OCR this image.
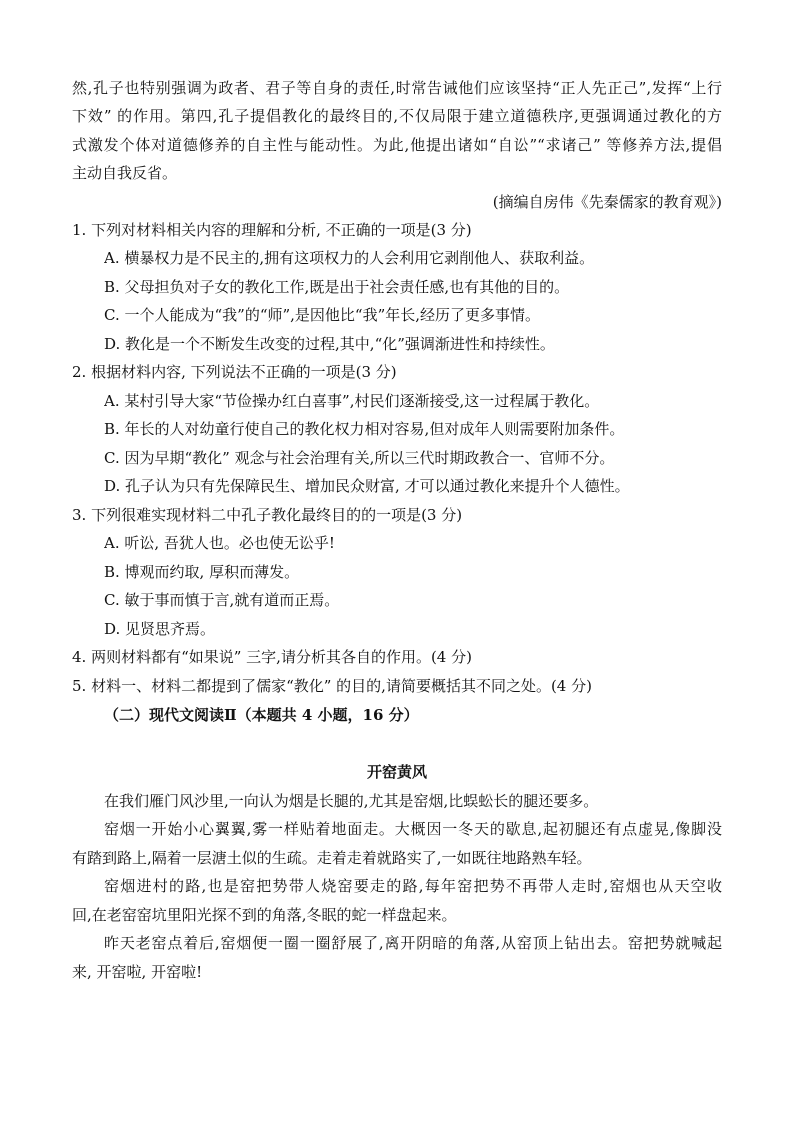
然,孔子也特别强调为政者、君子等自身的责任,时常告诫他们应该坚持“正人先正己”,发挥“上行
下效” 的作用。第四,孔子提倡教化的最终目的,不仅局限于建立道德秩序,更强调通过教化的方
式激发个体对道德修养的自主性与能动性。为此,他提出诸如“自讼”“求诸己” 等修养方法,提倡
主动自我反省。
(摘编自房伟《先秦儒家的教育观》)
1. 下列对材料相关内容的理解和分析, 不正确的一项是(3 分)
A. 横暴权力是不民主的,拥有这项权力的人会利用它剥削他人、获取利益。
B. 父母担负对子女的教化工作,既是出于社会责任感,也有其他的目的。
C. 一个人能成为“我”的“师”,是因他比“我”年长,经历了更多事情。
D. 教化是一个不断发生改变的过程,其中,“化”强调渐进性和持续性。
2. 根据材料内容, 下列说法不正确的一项是(3 分)
A. 某村引导大家“节俭操办红白喜事”,村民们逐渐接受,这一过程属于教化。
B. 年长的人对幼童行使自己的教化权力相对容易,但对成年人则需要附加条件。
C. 因为早期“教化” 观念与社会治理有关,所以三代时期政教合一、官师不分。
D. 孔子认为只有先保障民生、增加民众财富, 才可以通过教化来提升个人德性。
3. 下列很难实现材料二中孔子教化最终目的的一项是(3 分)
A. 听讼, 吾犹人也。必也使无讼乎!
B. 博观而约取, 厚积而薄发。
C. 敏于事而慎于言,就有道而正焉。
D. 见贤思齐焉。
4. 两则材料都有“如果说” 三字,请分析其各自的作用。(4 分)
5. 材料一、材料二都提到了儒家“教化” 的目的,请简要概括其不同之处。(4 分)
（二）现代文阅读Ⅱ（本题共 4 小题，16 分）
开窑黄风
在我们雁门风沙里,一向认为烟是长腿的,尤其是窑烟,比蜈蚣长的腿还要多。
窑烟一开始小心翼翼,雾一样贴着地面走。大概因一冬天的歇息,起初腿还有点虚晃,像脚没
有踏到路上,隔着一层溏土似的生疏。走着走着就路实了,一如既往地路熟车轻。
窑烟进村的路,也是窑把势带人烧窑要走的路,每年窑把势不再带人走时,窑烟也从天空收
回,在老窑窑坑里阳光探不到的角落,冬眠的蛇一样盘起来。
昨天老窑点着后,窑烟便一圈一圈舒展了,离开阴暗的角落,从窑顶上钻出去。窑把势就喊起
来, 开窑啦, 开窑啦!
